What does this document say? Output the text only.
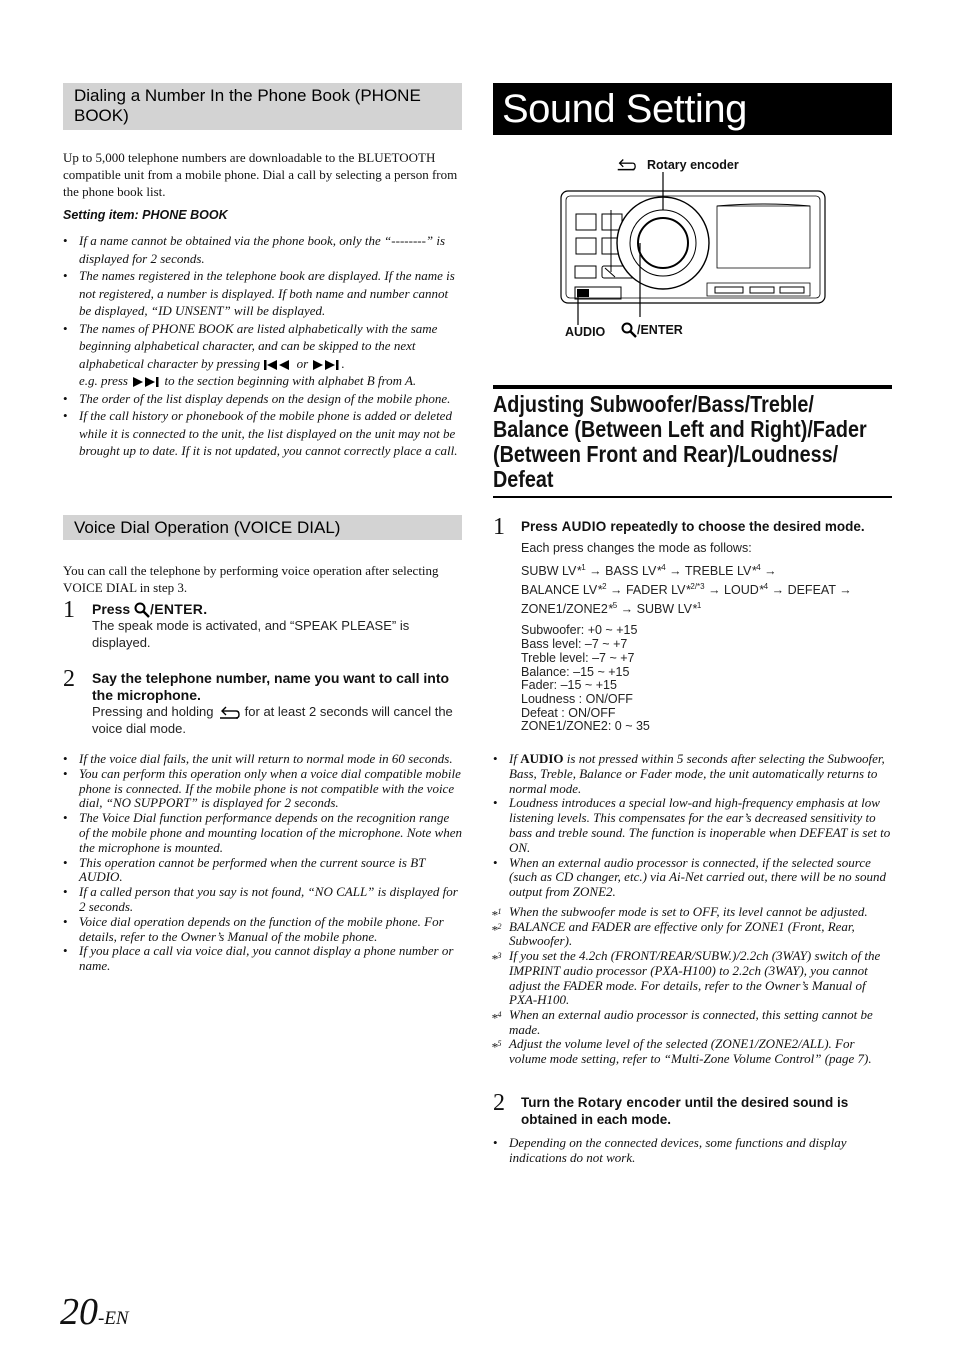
Dialing a Number In the Phone Book (PHONE BOOK)

Up to 5,000 telephone numbers are downloadable to the BLUETOOTH compatible unit from a mobile phone. Dial a call by selecting a person from the phone book list.

Setting item: PHONE BOOK
• If a name cannot be obtained via the phone book, only the “--------” is displayed for 2 seconds.
• The names registered in the telephone book are displayed. If the name is not registered, a number is displayed. If both name and number cannot be displayed, “ID UNSENT” will be displayed.
• The names of PHONE BOOK are listed alphabetically with the same beginning alphabetical character, and can be skipped to the next alphabetical character by pressing	or	.
e.g. press	to the section beginning with alphabet B from A.
• The order of the list display depends on the design of the mobile phone.
• If the call history or phonebook of the mobile phone is added or deleted while it is connected to the unit, the list displayed on the unit may not be brought up to date. If it is not updated, you cannot correctly place a call.
Voice Dial Operation (VOICE DIAL)

You can call the telephone by performing voice operation after selecting VOICE DIAL in step 3.

1 Press /ENTER.
The speak mode is activated, and “SPEAK PLEASE” is displayed.
2 Say the telephone number, name you want to call into the microphone.
Pressing and holding for at least 2 seconds will cancel the voice dial mode.
• If the voice dial fails, the unit will return to normal mode in 60 seconds.
• You can perform this operation only when a voice dial compatible mobile phone is connected. If the mobile phone is not compatible with the voice dial, “NO SUPPORT” is displayed for 2 seconds.
• The Voice Dial function performance depends on the recognition range of the mobile phone and mounting location of the microphone. Note when the microphone is mounted.
• This operation cannot be performed when the current source is BT AUDIO.
• If a called person that you say is not found, “NO CALL” is displayed for 2 seconds.
• Voice dial operation depends on the function of the mobile phone. For details, refer to the Owner’s Manual of the mobile phone.
• If you place a call via voice dial, you cannot display a phone number or name.
Sound Setting
Rotary encoder
AUDIO	/ENTER
Adjusting Subwoofer/Bass/Treble/
Balance (Between Left and Right)/Fader
(Between Front and Rear)/Loudness/
Defeat
1 Press AUDIO repeatedly to choose the desired mode.
Each press changes the mode as follows:
SUBW LV*$^1$ → BASS LV*$^4$ → TREBLE LV*$^4$ →
BALANCE LV*$^2$ → FADER LV*$^{2/*3}$ → LOUD*$^4$ → DEFEAT →
ZONE1/ZONE2*$^5$ → SUBW LV*$^1$
Subwoofer: +0 ~ +15
Bass level: –7 ~ +7
Treble level: –7 ~ +7
Balance: –15 ~ +15
Fader: –15 ~ +15
Loudness : ON/OFF
Defeat : ON/OFF
ZONE1/ZONE2: 0 ~ 35
• If AUDIO is not pressed within 5 seconds after selecting the Subwoofer, Bass, Treble, Balance or Fader mode, the unit automatically returns to normal mode.
• Loudness introduces a special low-and high-frequency emphasis at low listening levels. This compensates for the ear’s decreased sensitivity to bass and treble sound. The function is inoperable when DEFEAT is set to ON.
• When an external audio processor is connected, if the selected source (such as CD changer, etc.) via Ai-Net carried out, there will be no sound output from ZONE2.
*$^1$ When the subwoofer mode is set to OFF, its level cannot be adjusted.
*$^2$ BALANCE and FADER are effective only for ZONE1 (Front, Rear, Subwoofer).
*$^3$ If you set the 4.2ch (FRONT/REAR/SUBW.)/2.2ch (3WAY) switch of the IMPRINT audio processor (PXA-H100) to 2.2ch (3WAY), you cannot adjust the FADER mode. For details, refer to the Owner’s Manual of PXA-H100.
*$^4$ When an external audio processor is connected, this setting cannot be made.
*$^5$ Adjust the volume level of the selected (ZONE1/ZONE2/ALL). For volume mode setting, refer to “Multi-Zone Volume Control” (page 7).
2 Turn the Rotary encoder until the desired sound is obtained in each mode.
• Depending on the connected devices, some functions and display indications do not work.
20-EN
